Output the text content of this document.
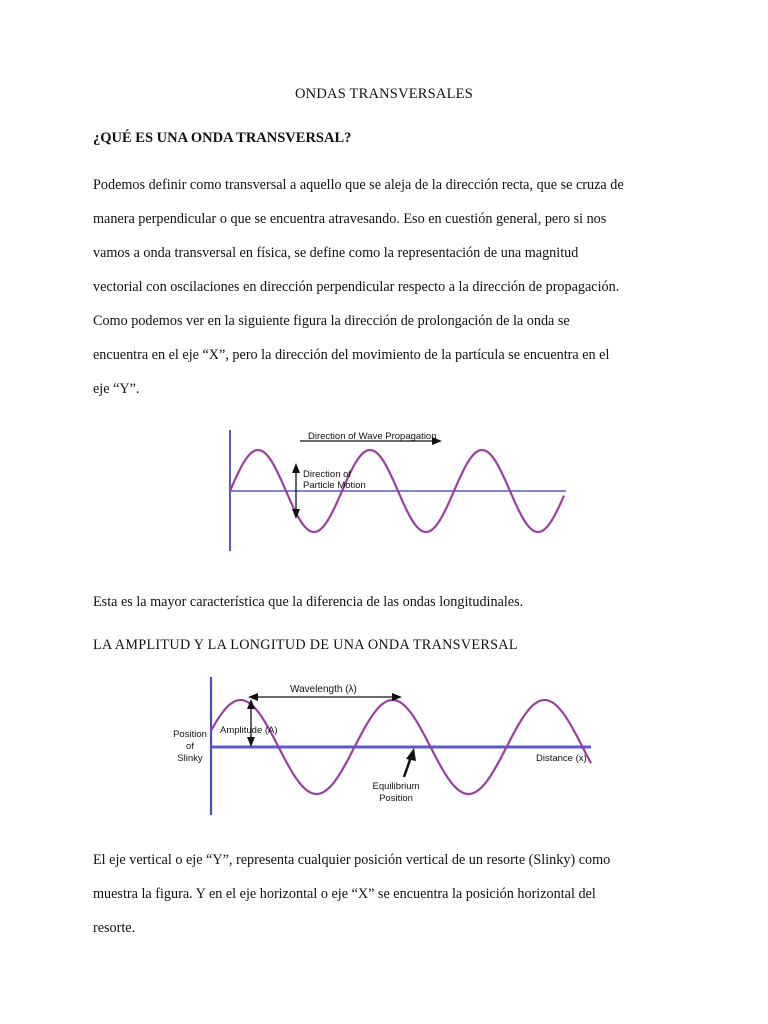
ONDAS TRANSVERSALES
¿QUÉ ES UNA ONDA TRANSVERSAL?
Podemos definir como transversal a aquello que se aleja de la dirección recta, que se cruza de
manera perpendicular o que se encuentra atravesando. Eso en cuestión general, pero si nos
vamos a onda transversal en física, se define como la representación de una magnitud
vectorial con oscilaciones en dirección perpendicular respecto a la dirección de propagación.
Como podemos ver en la siguiente figura la dirección de prolongación de la onda se
encuentra en el eje “X”, pero la dirección del movimiento de la partícula se encuentra en el
eje “Y”.
Direction of Wave Propagation
Direction of
Particle Motion
Esta es la mayor característica que la diferencia de las ondas longitudinales.
LA AMPLITUD Y LA LONGITUD DE UNA ONDA TRANSVERSAL
Wavelength (λ)
Amplitude (A)
Position
of
Slinky	Distance (x)
Equilibrium
Position
El eje vertical o eje “Y”, representa cualquier posición vertical de un resorte (Slinky) como
muestra la figura. Y en el eje horizontal o eje “X” se encuentra la posición horizontal del
resorte.
